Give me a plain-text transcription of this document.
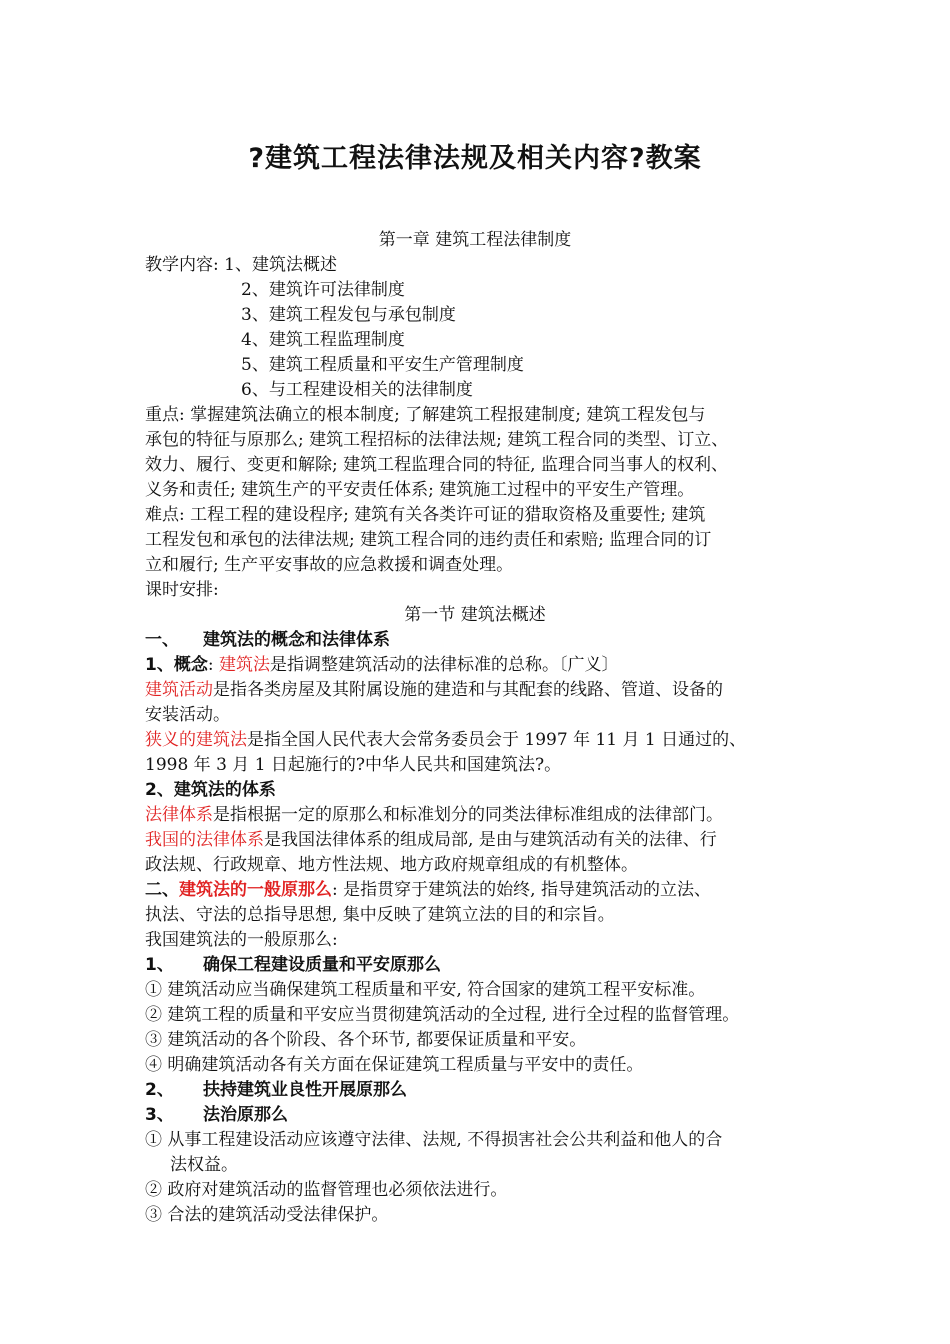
?建筑工程法律法规及相关内容?教案
第一章 建筑工程法律制度
教学内容: 1、建筑法概述
2、建筑许可法律制度
3、建筑工程发包与承包制度
4、建筑工程监理制度
5、建筑工程质量和平安生产管理制度
6、与工程建设相关的法律制度
重点: 掌握建筑法确立的根本制度; 了解建筑工程报建制度; 建筑工程发包与
承包的特征与原那么; 建筑工程招标的法律法规; 建筑工程合同的类型、订立、
效力、履行、变更和解除; 建筑工程监理合同的特征, 监理合同当事人的权利、
义务和责任; 建筑生产的平安责任体系; 建筑施工过程中的平安生产管理。
难点: 工程工程的建设程序; 建筑有关各类许可证的猎取资格及重要性; 建筑
工程发包和承包的法律法规; 建筑工程合同的违约责任和索赔; 监理合同的订
立和履行; 生产平安事故的应急救援和调查处理。
课时安排:
第一节 建筑法概述
一、 建筑法的概念和法律体系
1、概念: 建筑法是指调整建筑活动的法律标准的总称。〔广义〕
建筑活动是指各类房屋及其附属设施的建造和与其配套的线路、管道、设备的
安装活动。
狭义的建筑法是指全国人民代表大会常务委员会于 1997 年 11 月 1 日通过的、
1998 年 3 月 1 日起施行的?中华人民共和国建筑法?。
2、建筑法的体系
法律体系是指根据一定的原那么和标准划分的同类法律标准组成的法律部门。
我国的法律体系是我国法律体系的组成局部, 是由与建筑活动有关的法律、行
政法规、行政规章、地方性法规、地方政府规章组成的有机整体。
二、建筑法的一般原那么: 是指贯穿于建筑法的始终, 指导建筑活动的立法、
执法、守法的总指导思想, 集中反映了建筑立法的目的和宗旨。
我国建筑法的一般原那么:
1、 确保工程建设质量和平安原那么
① 建筑活动应当确保建筑工程质量和平安, 符合国家的建筑工程平安标准。
② 建筑工程的质量和平安应当贯彻建筑活动的全过程, 进行全过程的监督管理。
③ 建筑活动的各个阶段、各个环节, 都要保证质量和平安。
④ 明确建筑活动各有关方面在保证建筑工程质量与平安中的责任。
2、 扶持建筑业良性开展原那么
3、 法治原那么
① 从事工程建设活动应该遵守法律、法规, 不得损害社会公共利益和他人的合
法权益。
② 政府对建筑活动的监督管理也必须依法进行。
③ 合法的建筑活动受法律保护。
